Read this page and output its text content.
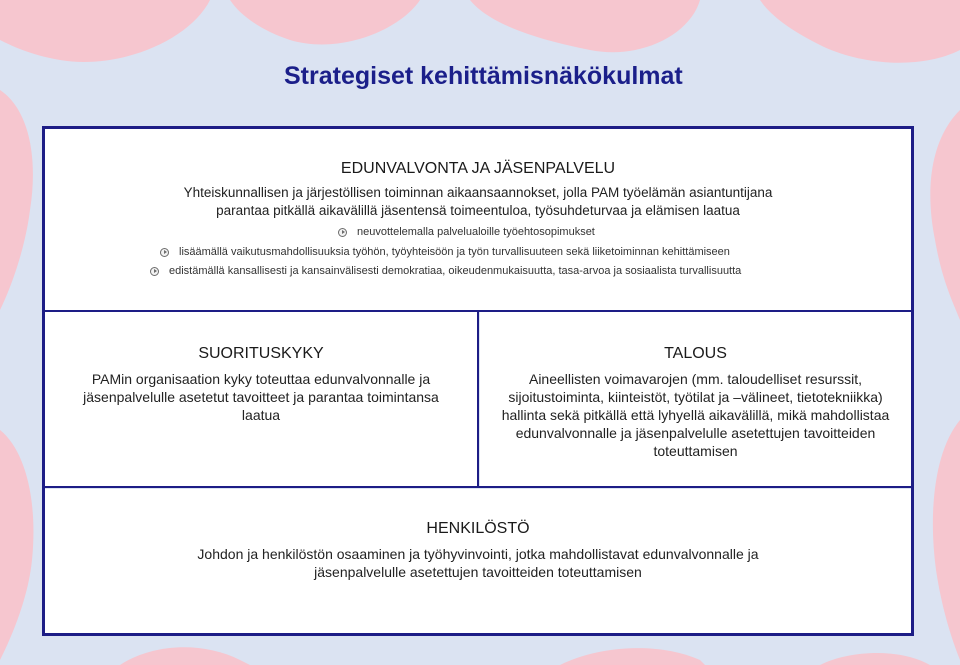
Strategiset kehittämisnäkökulmat
EDUNVALVONTA JA JÄSENPALVELU
Yhteiskunnallisen ja järjestöllisen toiminnan aikaansaannokset, jolla PAM työelämän asiantuntijana
parantaa pitkällä aikavälillä jäsentensä toimeentuloa, työsuhdeturvaa ja elämisen laatua
neuvottelemalla palvelualoille työehtosopimukset
lisäämällä vaikutusmahdollisuuksia työhön, työyhteisöön ja työn turvallisuuteen sekä liiketoiminnan kehittämiseen
edistämällä kansallisesti ja kansainvälisesti demokratiaa, oikeudenmukaisuutta, tasa-arvoa ja sosiaalista turvallisuutta
SUORITUSKYKY
PAMin organisaation kyky toteuttaa edunvalvonnalle ja
jäsenpalvelulle asetetut tavoitteet ja parantaa toimintansa
laatua
TALOUS
Aineellisten voimavarojen (mm. taloudelliset resurssit,
sijoitustoiminta, kiinteistöt, työtilat ja –välineet, tietotekniikka)
hallinta sekä pitkällä että lyhyellä aikavälillä, mikä mahdollistaa
edunvalvonnalle ja jäsenpalvelulle asetettujen tavoitteiden
toteuttamisen
HENKILÖSTÖ
Johdon ja henkilöstön osaaminen ja työhyvinvointi, jotka mahdollistavat edunvalvonnalle ja
jäsenpalvelulle asetettujen tavoitteiden toteuttamisen
